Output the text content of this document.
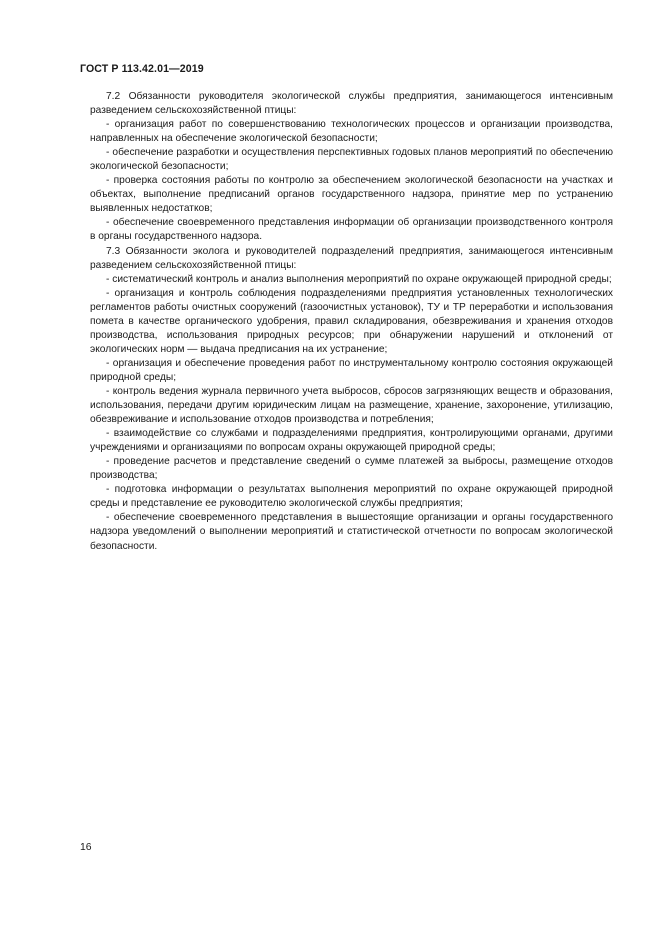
ГОСТ Р 113.42.01—2019

7.2 Обязанности руководителя экологической службы предприятия, занимающегося интенсивным разведением сельскохозяйственной птицы:

- организация работ по совершенствованию технологических процессов и организации производства, направленных на обеспечение экологической безопасности;

- обеспечение разработки и осуществления перспективных годовых планов мероприятий по обеспечению экологической безопасности;

- проверка состояния работы по контролю за обеспечением экологической безопасности на участках и объектах, выполнение предписаний органов государственного надзора, принятие мер по устранению выявленных недостатков;

- обеспечение своевременного представления информации об организации производственного контроля в органы государственного надзора.

7.3 Обязанности эколога и руководителей подразделений предприятия, занимающегося интенсивным разведением сельскохозяйственной птицы:

- систематический контроль и анализ выполнения мероприятий по охране окружающей природной среды;

- организация и контроль соблюдения подразделениями предприятия установленных технологических регламентов работы очистных сооружений (газоочистных установок), ТУ и ТР переработки и использования помета в качестве органического удобрения, правил складирования, обезвреживания и хранения отходов производства, использования природных ресурсов; при обнаружении нарушений и отклонений от экологических норм — выдача предписания на их устранение;

- организация и обеспечение проведения работ по инструментальному контролю состояния окружающей природной среды;

- контроль ведения журнала первичного учета выбросов, сбросов загрязняющих веществ и образования, использования, передачи другим юридическим лицам на размещение, хранение, захоронение, утилизацию, обезвреживание и использование отходов производства и потребления;

- взаимодействие со службами и подразделениями предприятия, контролирующими органами, другими учреждениями и организациями по вопросам охраны окружающей природной среды;

- проведение расчетов и представление сведений о сумме платежей за выбросы, размещение отходов производства;

- подготовка информации о результатах выполнения мероприятий по охране окружающей природной среды и представление ее руководителю экологической службы предприятия;

- обеспечение своевременного представления в вышестоящие организации и органы государственного надзора уведомлений о выполнении мероприятий и статистической отчетности по вопросам экологической безопасности.

16
